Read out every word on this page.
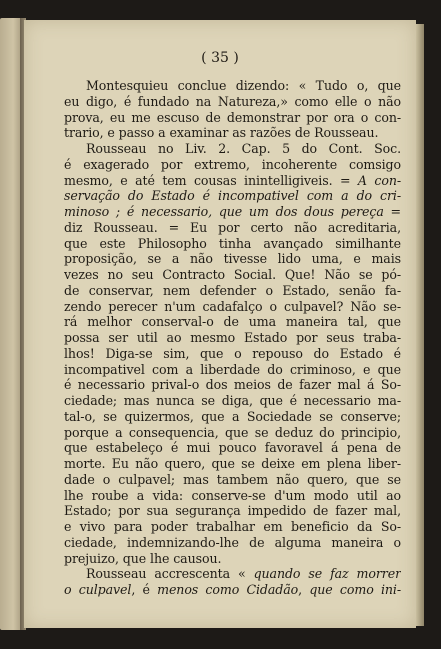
( 35 )
Montesquieu conclue dizendo: « Tudo o, que
eu digo, é fundado na Natureza,» como elle o não
prova, eu me escuso de demonstrar por ora o con-
trario, e passo a examinar as razões de Rousseau.
Rousseau no Liv. 2. Cap. 5 do Cont. Soc.
é exagerado por extremo, incoherente comsigo
mesmo, e até tem cousas inintelligiveis. = A con-
servação do Estado é incompativel com a do cri-
minoso ; é necessario, que um dos dous pereça =
diz Rousseau. = Eu por certo não acreditaria,
que este Philosopho tinha avançado similhante
proposição, se a não tivesse lido uma, e mais
vezes no seu Contracto Social. Que! Não se pó-
de conservar, nem defender o Estado, senão fa-
zendo perecer n'um cadafalço o culpavel? Não se-
rá melhor conserval-o de uma maneira tal, que
possa ser util ao mesmo Estado por seus traba-
lhos! Diga-se sim, que o repouso do Estado é
incompativel com a liberdade do criminoso, e que
é necessario prival-o dos meios de fazer mal á So-
ciedade; mas nunca se diga, que é necessario ma-
tal-o, se quizermos, que a Sociedade se conserve;
porque a consequencia, que se deduz do principio,
que estabeleço é mui pouco favoravel á pena de
morte. Eu não quero, que se deixe em plena liber-
dade o culpavel; mas tambem não quero, que se
lhe roube a vida: conserve-se d'um modo util ao
Estado; por sua segurança impedido de fazer mal,
e vivo para poder trabalhar em beneficio da So-
ciedade, indemnizando-lhe de alguma maneira o
prejuizo, que lhe causou.
Rousseau accrescenta « quando se faz morrer
o culpavel, é menos como Cidadão, que como ini-
